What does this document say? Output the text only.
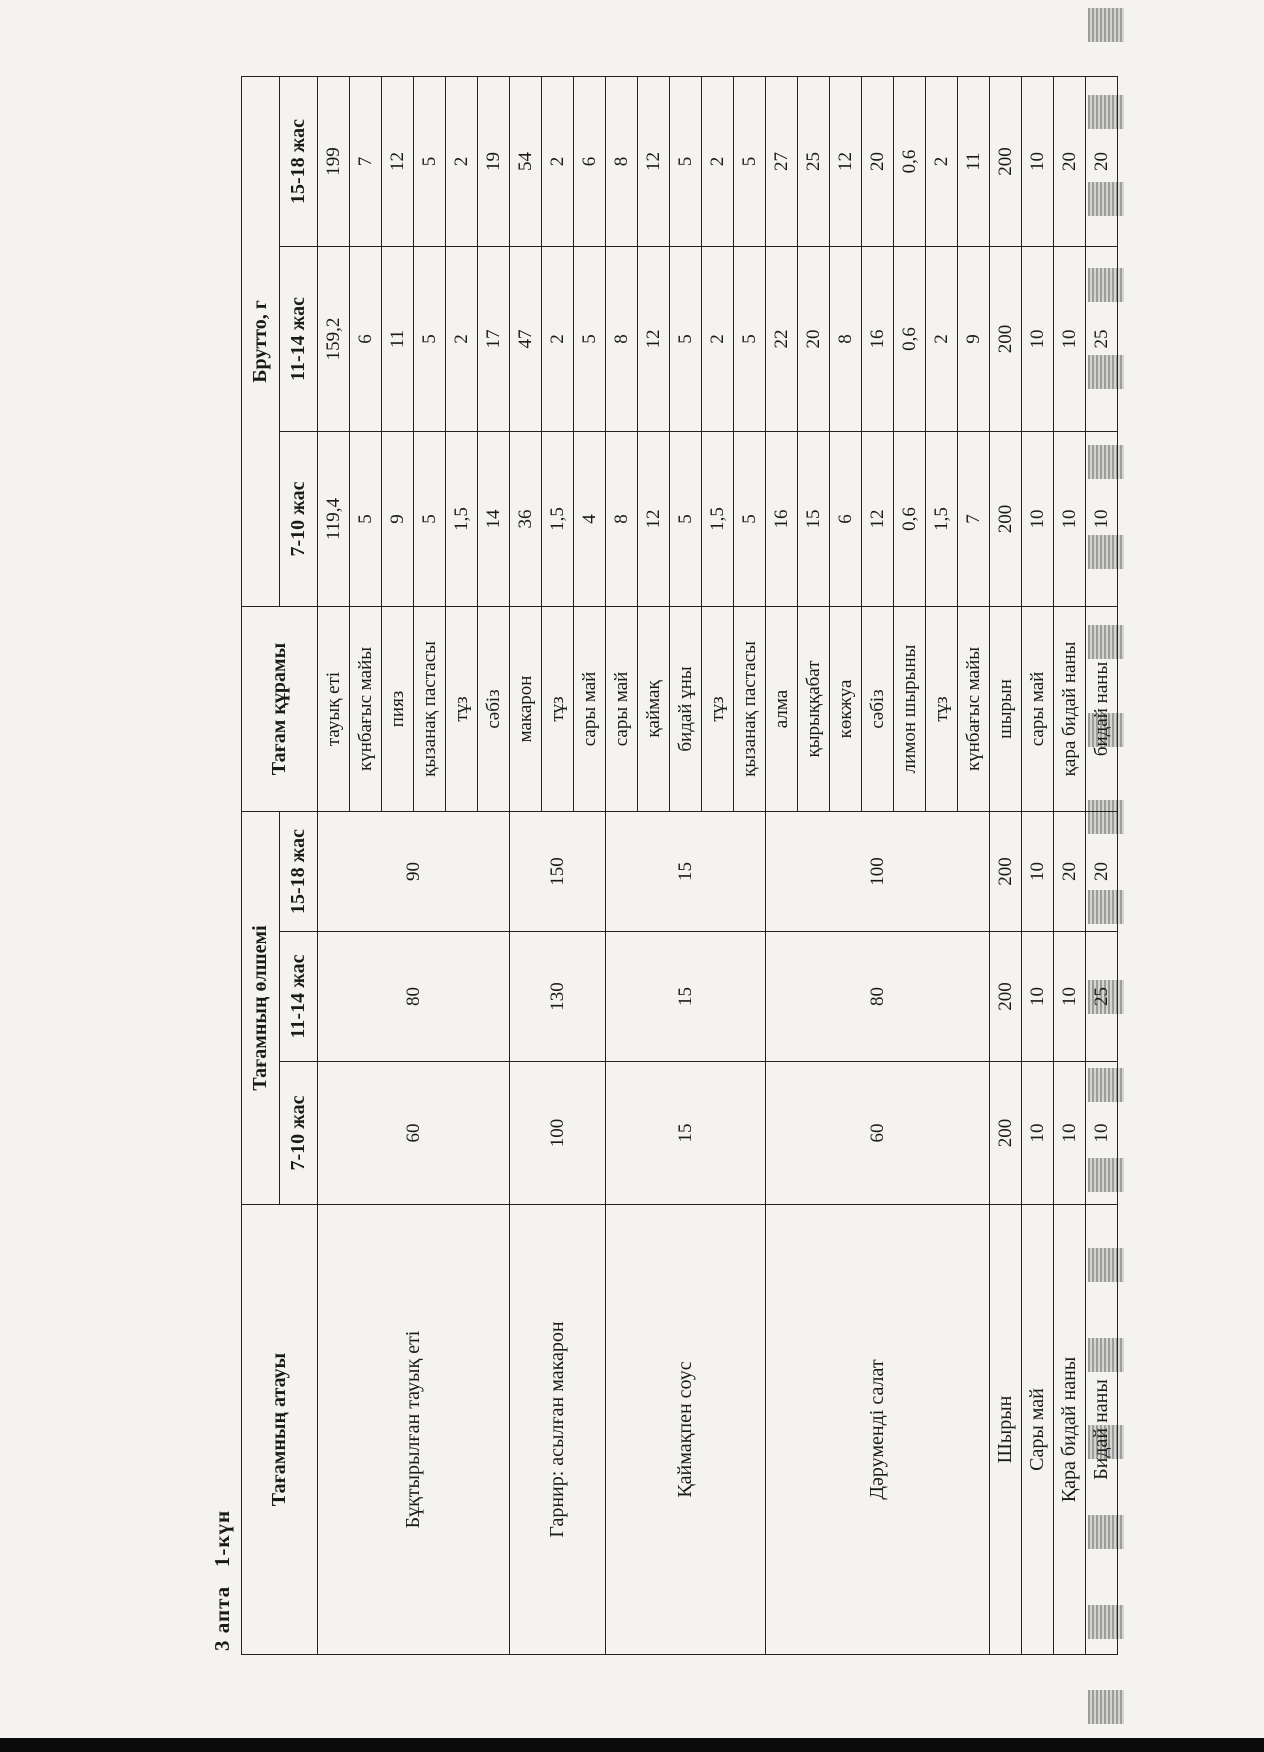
3 апта   1-күн
Тағамның атауы	Тағамның өлшемі			Тағам құрамы	Брутто, г		
	7-10 жас	11-14 жас	15-18 жас		7-10 жас	11-14 жас	15-18 жас
Бұқтырылған тауық еті	60	80	90	тауық еті	119,4	159,2	199
				күнбағыс майы	5	6	7
				пияз	9	11	12
				қызанақ пастасы	5	5	5
				тұз	1,5	2	2
				сәбіз	14	17	19
Гарнир: асылған макарон	100	130	150	макарон	36	47	54
				тұз	1,5	2	2
				сары май	4	5	6
Қаймақпен соус	15	15	15	сары май	8	8	8
				қаймақ	12	12	12
				бидай ұны	5	5	5
				тұз	1,5	2	2
				қызанақ пастасы	5	5	5
Дәрумендi салат	60	80	100	алма	16	22	27
				қырыққабат	15	20	25
				көкжуа	6	8	12
				сәбіз	12	16	20
				лимон шырыны	0,6	0,6	0,6
				тұз	1,5	2	2
				күнбағыс майы	7	9	11
Шырын	200	200	200	шырын	200	200	200
Сары май	10	10	10	сары май	10	10	10
Қара бидай наны	10	10	20	қара бидай наны	10	10	20
Бидай наны	10	25	20	бидай наны	10	25	20
